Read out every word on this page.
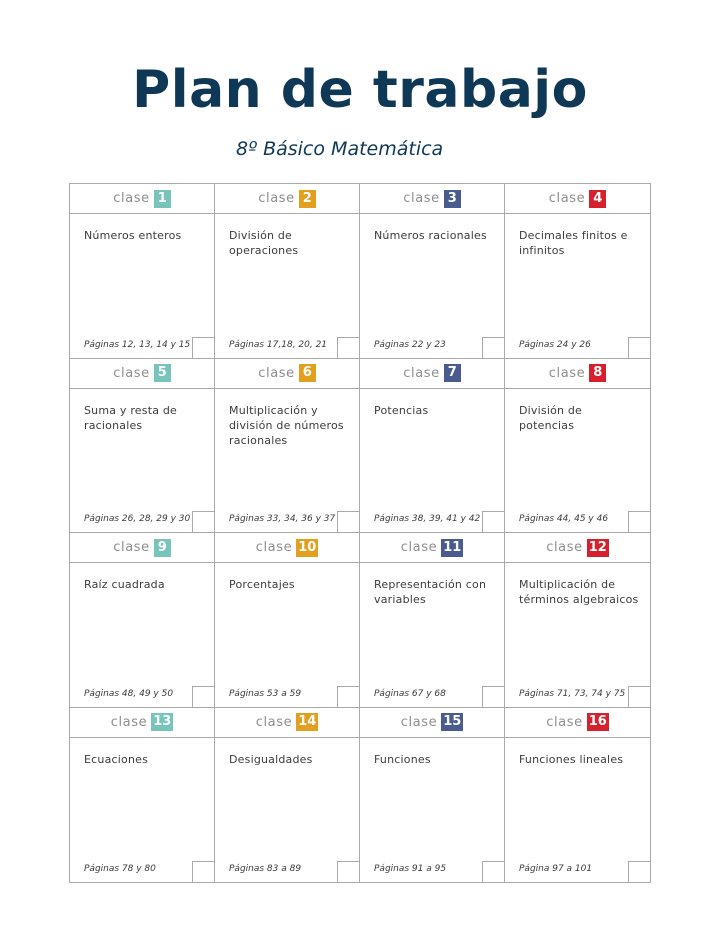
Plan de trabajo
8º Básico Matemática
clase 1
Números enteros
Páginas 12, 13, 14 y 15
clase 2
División de operaciones
Páginas 17,18, 20, 21
clase 3
Números racionales
Páginas 22 y 23
clase 4
Decimales finitos e infinitos
Páginas 24 y 26
clase 5
Suma y resta de racionales
Páginas 26, 28, 29 y 30
clase 6
Multiplicación y división de números racionales
Páginas 33, 34, 36 y 37
clase 7
Potencias
Páginas 38, 39, 41 y 42
clase 8
División de potencias
Páginas 44, 45 y 46
clase 9
Raíz cuadrada
Páginas 48, 49 y 50
clase 10
Porcentajes
Páginas 53 a 59
clase 11
Representación con variables
Páginas 67 y 68
clase 12
Multiplicación de términos algebraicos
Páginas 71, 73, 74 y 75
clase 13
Ecuaciones
Páginas 78 y 80
clase 14
Desigualdades
Páginas 83 a 89
clase 15
Funciones
Páginas 91 a 95
clase 16
Funciones lineales
Página 97 a 101
